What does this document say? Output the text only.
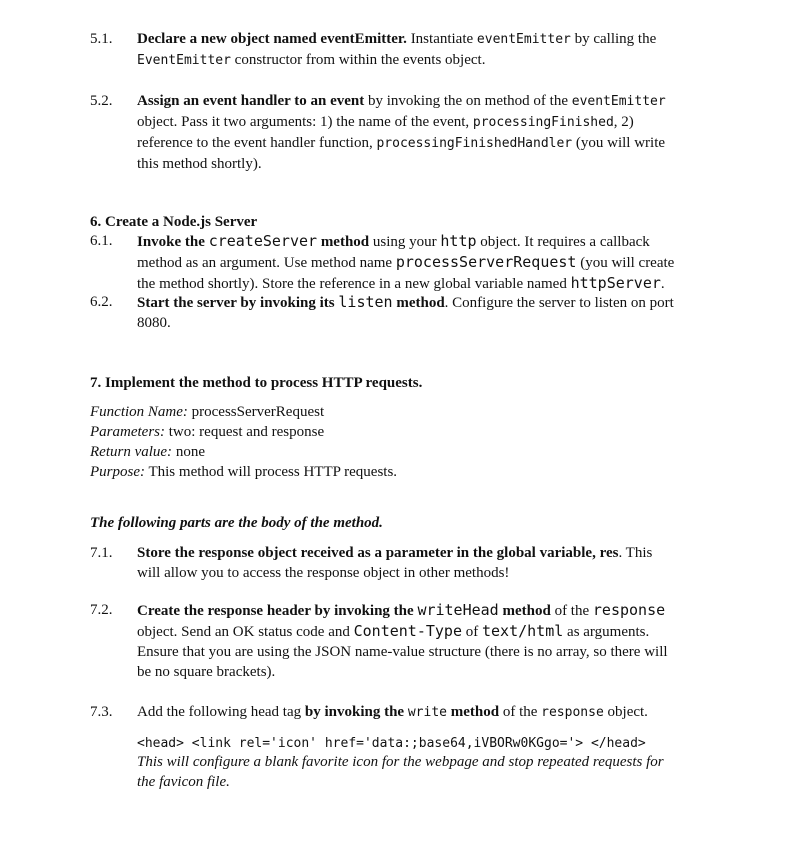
5.1.	Declare a new object named eventEmitter. Instantiate eventEmitter by calling the
EventEmitter constructor from within the events object.
5.2.	Assign an event handler to an event by invoking the on method of the eventEmitter
object. Pass it two arguments: 1) the name of the event, processingFinished, 2)
reference to the event handler function, processingFinishedHandler (you will write
this method shortly).
6. Create a Node.js Server
6.1.	Invoke the createServer method using your http object. It requires a callback
method as an argument. Use method name processServerRequest (you will create
the method shortly). Store the reference in a new global variable named httpServer.
6.2.	Start the server by invoking its listen method. Configure the server to listen on port
8080.
7. Implement the method to process HTTP requests.
Function Name: processServerRequest
Parameters: two: request and response
Return value: none
Purpose: This method will process HTTP requests.
The following parts are the body of the method.
7.1.	Store the response object received as a parameter in the global variable, res. This
will allow you to access the response object in other methods!
7.2.	Create the response header by invoking the writeHead method of the response
object. Send an OK status code and Content-Type of text/html as arguments.
Ensure that you are using the JSON name-value structure (there is no array, so there will
be no square brackets).
7.3.	Add the following head tag by invoking the write method of the response object.
<head> <link rel='icon' href='data:;base64,iVBORw0KGgo='> </head>
This will configure a blank favorite icon for the webpage and stop repeated requests for
the favicon file.
